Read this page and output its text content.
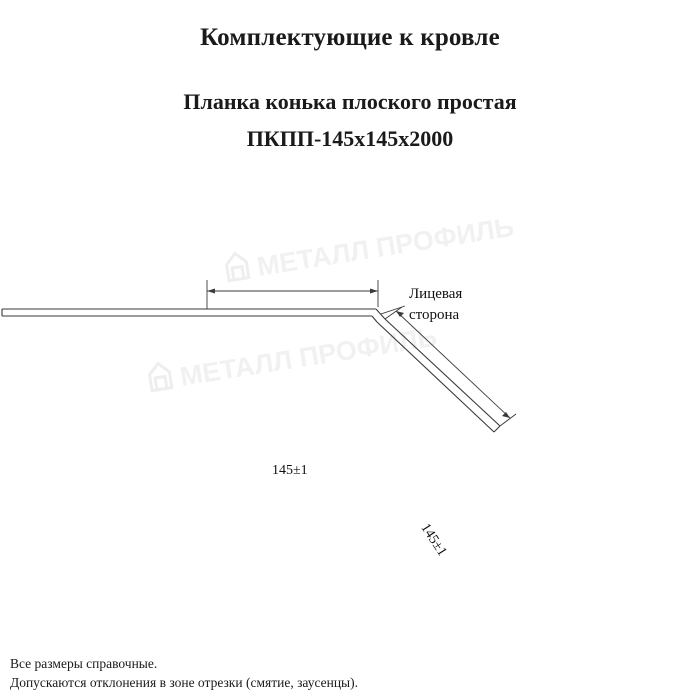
Комплектующие к кровле
Планка конька плоского простая
ПКПП-145x145x2000
МЕТАЛЛ ПРОФИЛЬ
МЕТАЛЛ ПРОФИЛЬ
145±1
145±1
Лицевая
сторона
Все размеры справочные.
Допускаются отклонения в зоне отрезки (смятие, заусенцы).
